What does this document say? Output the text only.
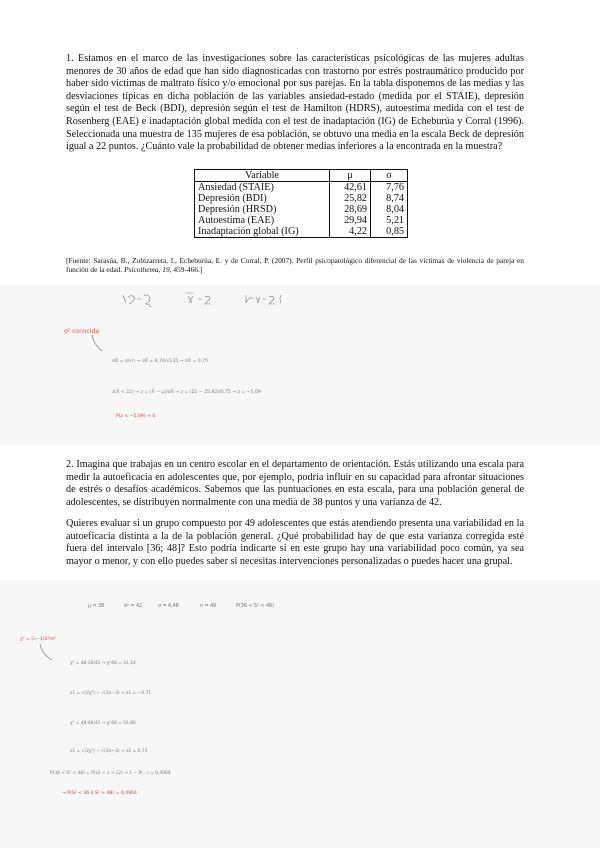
1. Estamos en el marco de las investigaciones sobre las características psicológicas de las mujeres adultas menores de 30 años de edad que han sido diagnosticadas con trastorno por estrés postraumático producido por haber sido víctimas de maltrato físico y/o emocional por sus parejas. En la tabla disponemos de las medias y las desviaciones típicas en dicha población de las variables ansiedad-estado (medida por el STAIE), depresión según el test de Beck (BDI), depresión según el test de Hamilton (HDRS), autoestima medida con el test de Rosenberg (EAE) e inadaptación global medida con el test de inadaptación (IG) de Echeburúa y Corral (1996). Seleccionada una muestra de 135 mujeres de esa población, se obtuvo una media en la escala Beck de depresión igual a 22 puntos. ¿Cuánto vale la probabilidad de obtener medias inferiores a la encontrada en la muestra?
Variable	μ	σ
Ansiedad (STAIE)	42,61	7,76
Depresión (BDI)	25,82	8,74
Depresión (HRSD)	28,69	8,04
Autoestima (EAE)	29,94	5,21
Inadaptación global (IG)	4,22	0,85
[Fuente: Sarasúa, B., Zubizarreta, I., Echeburúa, E. y de Corral, P. (2007). Perfil psicopatológico diferencial de las víctimas de violencia de pareja en función de la edad. Psicothema, 19, 459-466.]
σ² conocida
σX̄ = σ/√n → σX̄ = 8,74/√135 → σX̄ = 0,75
z(X̄ < 22) → z = (X̄ − μ)/σX̄ → z = (22 − 25,82)/0,75 → z = −5,09
P(z < −5,09) ≈ 0
2. Imagina que trabajas en un centro escolar en el departamento de orientación. Estás utilizando una escala para medir la autoeficacia en adolescentes que, por ejemplo, podría influir en su capacidad para afrontar situaciones de estrés o desafíos académicos. Sabemos que las puntuaciones en esta escala, para una población general de adolescentes, se distribuyen normalmente con una media de 38 puntos y una varianza de 42.
Quieres evaluar si un grupo compuesto por 49 adolescentes que estás atendiendo presenta una variabilidad en la autoeficacia distinta a la de la población general. ¿Qué probabilidad hay de que esta varianza corregida esté fuera del intervalo [36; 48]? Esto podría indicarte si en este grupo hay una variabilidad poco común, ya sea mayor o menor, y con ello puedes saber si necesitas intervenciones personalizadas o puedes hacer una grupal.
μ = 38	σ² = 42	σ = 6,48	n = 49	P(36 < S² < 48)
χ² = (n−1)S²/σ²
χ² = 48·36/42 → χ²48 = 41,14
z1 = √(2χ²) − √(2n−3) → z1 = −0,71
χ² = 48·48/42 → χ²48 = 54,86
z2 = √(2χ²) − √(2n−3) → z2 = 0,73
P(36 < S² < 48) = P(z1 < z < z2) → 1 − P(...) = 0,4964
→ P(S² < 36 ó S² > 48) = 0,4964
